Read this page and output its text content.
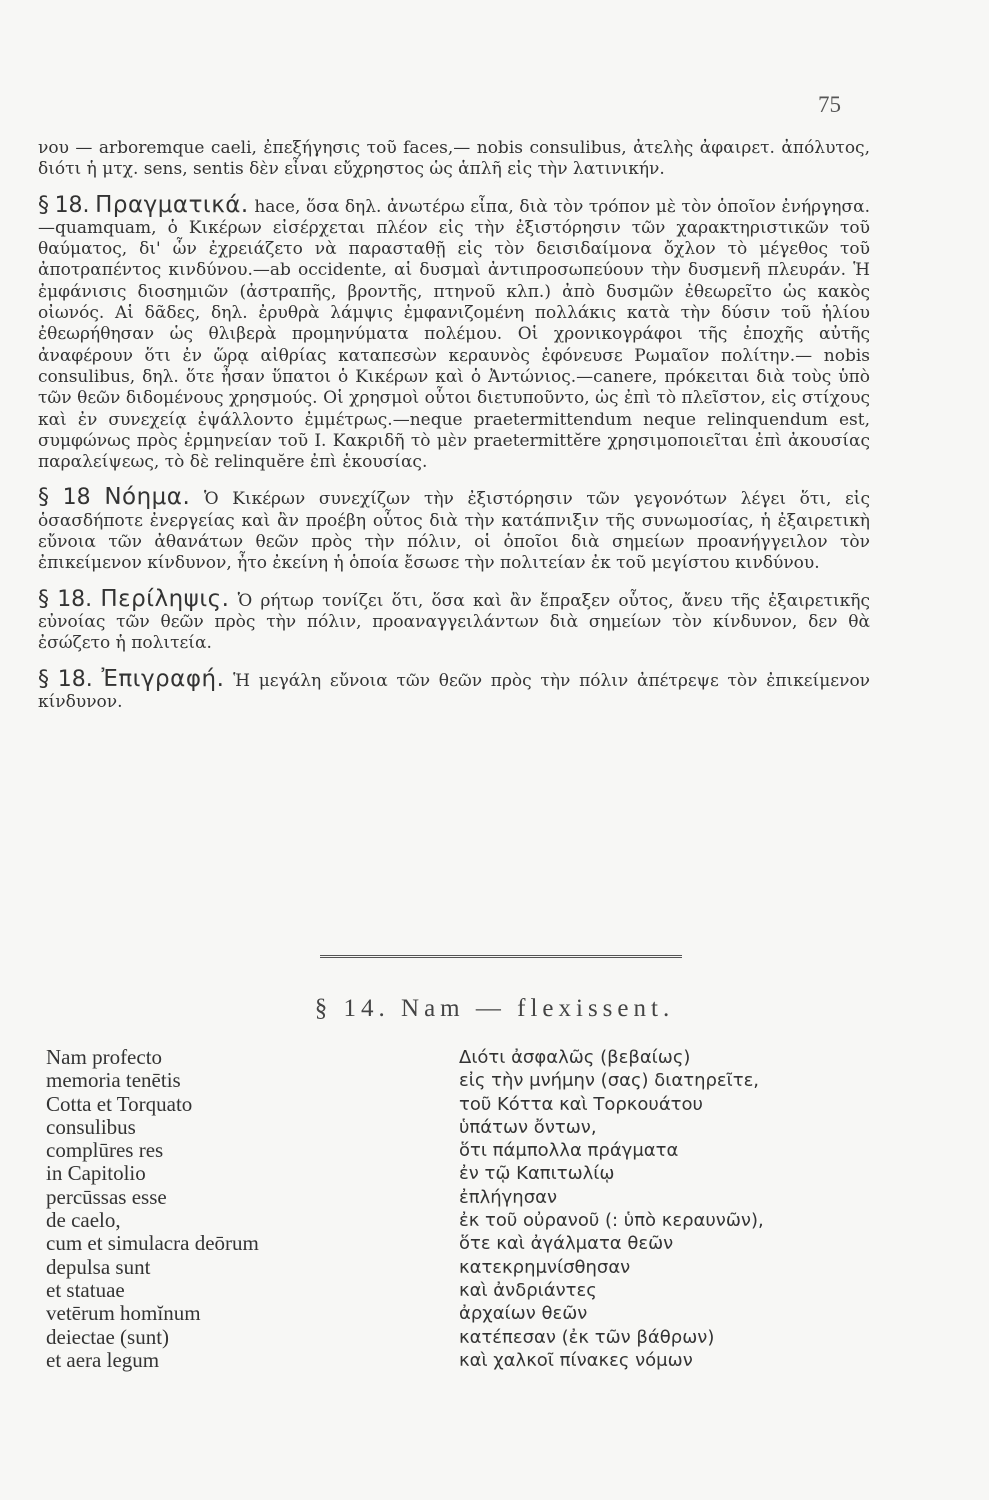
75

νου — arboremque caeli, ἐπεξήγησις τοῦ faces,— nobis consulibus, ἀτελὴς ἀφαιρετ. ἀπόλυτος, διότι ἡ μτχ. sens, sentis δὲν εἶναι εὔχρηστος ὡς ἁπλῆ εἰς τὴν λατινικήν.

§ 18. Πραγματικά. hace, ὅσα δηλ. ἀνωτέρω εἶπα, διὰ τὸν τρόπον μὲ τὸν ὁποῖον ἐνήργησα.—quamquam, ὁ Κικέρων εἰσέρχεται πλέον εἰς τὴν ἐξιστόρησιν τῶν χαρακτηριστικῶν τοῦ θαύματος, δι' ὧν ἐχρειάζετο νὰ παρασταθῇ εἰς τὸν δεισιδαίμονα ὄχλον τὸ μέγεθος τοῦ ἀποτραπέντος κινδύνου.—ab occidente, αἱ δυσμαὶ ἀντιπροσωπεύουν τὴν δυσμενῆ πλευράν. Ἡ ἐμφάνισις διοσημιῶν (ἀστραπῆς, βροντῆς, πτηνοῦ κλπ.) ἀπὸ δυσμῶν ἐθεωρεῖτο ὡς κακὸς οἰωνός. Αἱ δᾶδες, δηλ. ἐρυθρὰ λάμψις ἐμφανιζομένη πολλάκις κατὰ τὴν δύσιν τοῦ ἡλίου ἐθεωρήθησαν ὡς θλιβερὰ προμηνύματα πολέμου. Οἱ χρονικογράφοι τῆς ἐποχῆς αὐτῆς ἀναφέρουν ὅτι ἐν ὥρᾳ αἰθρίας καταπεσὼν κεραυνὸς ἐφόνευσε Ρωμαῖον πολίτην.— nobis consulibus, δηλ. ὅτε ἦσαν ὕπατοι ὁ Κικέρων καὶ ὁ Ἀντώνιος.—canere, πρόκειται διὰ τοὺς ὑπὸ τῶν θεῶν διδομένους χρησμούς. Οἱ χρησμοὶ οὗτοι διετυποῦντο, ὡς ἐπὶ τὸ πλεῖστον, εἰς στίχους καὶ ἐν συνεχείᾳ ἐψάλλοντο ἐμμέτρως.—neque praetermittendum neque relinquendum est, συμφώνως πρὸς ἑρμηνείαν τοῦ Ι. Κακριδῆ τὸ μὲν praetermittĕre χρησιμοποιεῖται ἐπὶ ἀκουσίας παραλείψεως, τὸ δὲ relinquĕre ἐπὶ ἑκουσίας.

§ 18 Νόημα. Ὁ Κικέρων συνεχίζων τὴν ἐξιστόρησιν τῶν γεγονότων λέγει ὅτι, εἰς ὁσασδήποτε ἐνεργείας καὶ ἂν προέβη οὗτος διὰ τὴν κατάπνιξιν τῆς συνωμοσίας, ἡ ἐξαιρετικὴ εὔνοια τῶν ἀθανάτων θεῶν πρὸς τὴν πόλιν, οἱ ὁποῖοι διὰ σημείων προανήγγειλον τὸν ἐπικείμενον κίνδυνον, ἦτο ἐκείνη ἡ ὁποία ἔσωσε τὴν πολιτείαν ἐκ τοῦ μεγίστου κινδύνου.

§ 18. Περίληψις. Ὁ ρήτωρ τονίζει ὅτι, ὅσα καὶ ἂν ἔπραξεν οὗτος, ἄνευ τῆς ἐξαιρετικῆς εὐνοίας τῶν θεῶν πρὸς τὴν πόλιν, προαναγγειλάντων διὰ σημείων τὸν κίνδυνον, δεν θὰ ἐσώζετο ἡ πολιτεία.

§ 18. Ἐπιγραφή. Ἡ μεγάλη εὔνοια τῶν θεῶν πρὸς τὴν πόλιν ἀπέτρεψε τὸν ἐπικείμενον κίνδυνον.

§ 14. Nam — flexissent.
Nam profecto
memoria tenētis
Cotta et Torquato
consulibus
complūres res
in Capitolio
percūssas esse
de caelo,
cum et simulacra deōrum
depulsa sunt
et statuae
vetērum homĭnum
deiectae (sunt)
et aera legum
Διότι ἀσφαλῶς (βεβαίως)
εἰς τὴν μνήμην (σας) διατηρεῖτε,
τοῦ Κόττα καὶ Τορκουάτου
ὑπάτων ὄντων,
ὅτι πάμπολλα πράγματα
ἐν τῷ Καπιτωλίῳ
ἐπλήγησαν
ἐκ τοῦ οὐρανοῦ (: ὑπὸ κεραυνῶν),
ὅτε καὶ ἀγάλματα θεῶν
κατεκρημνίσθησαν
καὶ ἀνδριάντες
ἀρχαίων θεῶν
κατέπεσαν (ἐκ τῶν βάθρων)
καὶ χαλκοῖ πίνακες νόμων
